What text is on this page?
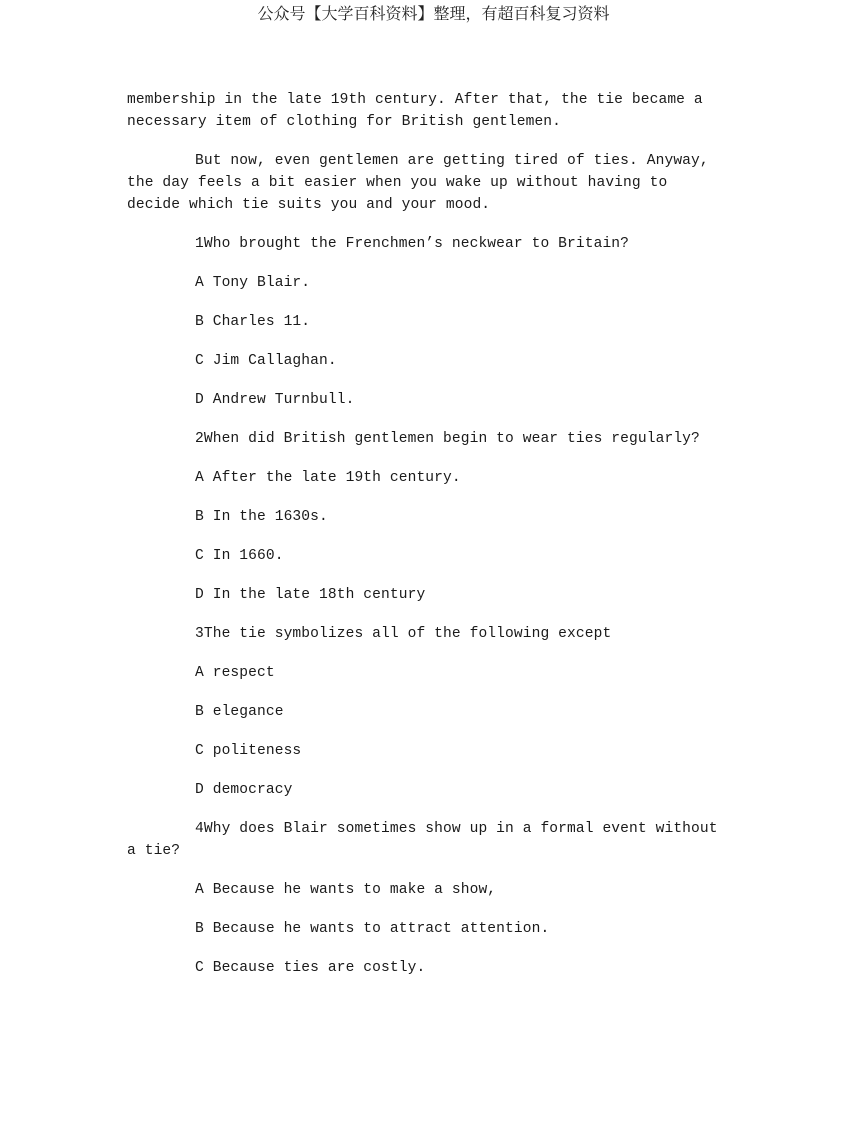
公众号【大学百科资料】整理，有超百科复习资料

membership in the late 19th century. After that, the tie became a necessary item of clothing for British gentlemen.

But now, even gentlemen are getting tired of ties. Anyway, the day feels a bit easier when you wake up without having to decide which tie suits you and your mood.

1Who brought the Frenchmen’s neckwear to Britain?

A Tony Blair.

B Charles 11.

C Jim Callaghan.

D Andrew Turnbull.

2When did British gentlemen begin to wear ties regularly?

A After the late 19th century.

B In the 1630s.

C In 1660.

D In the late 18th century

3The tie symbolizes all of the following except

A respect

B elegance

C politeness

D democracy

4Why does Blair sometimes show up in a formal event without a tie?

A Because he wants to make a show,

B Because he wants to attract attention.

C Because ties are costly.
